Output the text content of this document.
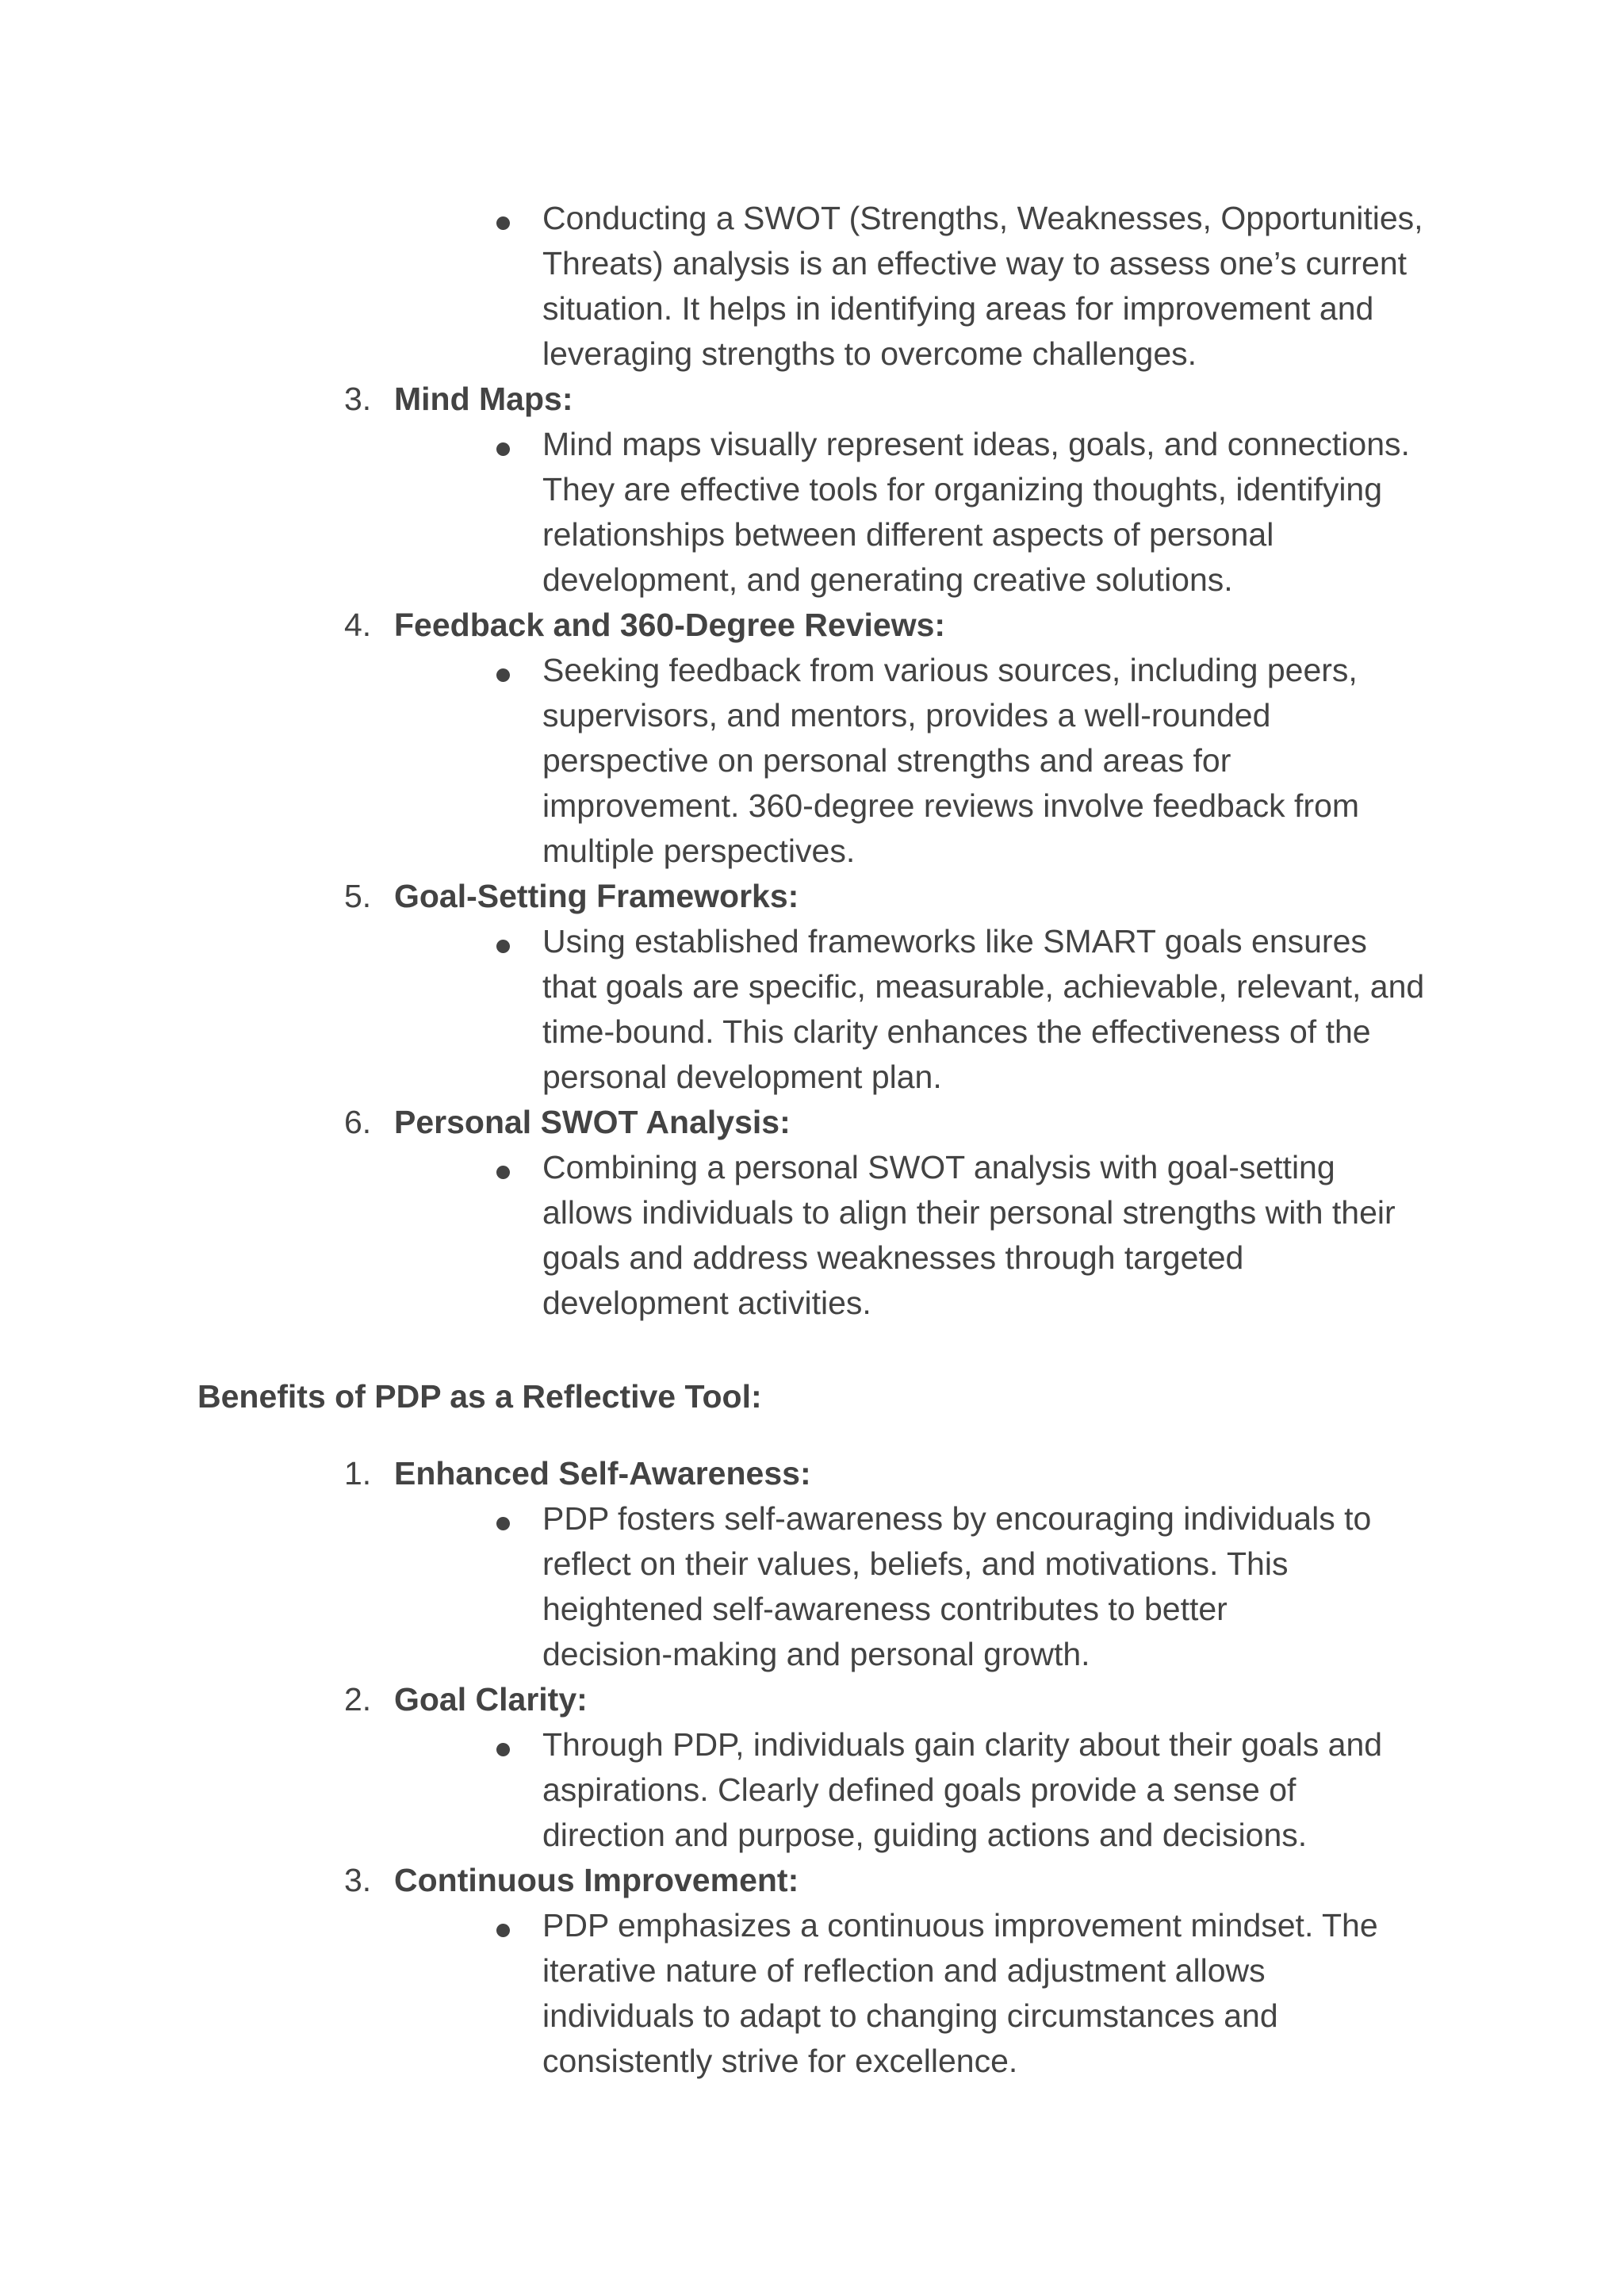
Conducting a SWOT (Strengths, Weaknesses, Opportunities,
Threats) analysis is an effective way to assess one’s current
situation. It helps in identifying areas for improvement and
leveraging strengths to overcome challenges.
3. Mind Maps:
Mind maps visually represent ideas, goals, and connections.
They are effective tools for organizing thoughts, identifying
relationships between different aspects of personal
development, and generating creative solutions.
4. Feedback and 360-Degree Reviews:
Seeking feedback from various sources, including peers,
supervisors, and mentors, provides a well-rounded
perspective on personal strengths and areas for
improvement. 360-degree reviews involve feedback from
multiple perspectives.
5. Goal-Setting Frameworks:
Using established frameworks like SMART goals ensures
that goals are specific, measurable, achievable, relevant, and
time-bound. This clarity enhances the effectiveness of the
personal development plan.
6. Personal SWOT Analysis:
Combining a personal SWOT analysis with goal-setting
allows individuals to align their personal strengths with their
goals and address weaknesses through targeted
development activities.
Benefits of PDP as a Reflective Tool:
1. Enhanced Self-Awareness:
PDP fosters self-awareness by encouraging individuals to
reflect on their values, beliefs, and motivations. This
heightened self-awareness contributes to better
decision-making and personal growth.
2. Goal Clarity:
Through PDP, individuals gain clarity about their goals and
aspirations. Clearly defined goals provide a sense of
direction and purpose, guiding actions and decisions.
3. Continuous Improvement:
PDP emphasizes a continuous improvement mindset. The
iterative nature of reflection and adjustment allows
individuals to adapt to changing circumstances and
consistently strive for excellence.
